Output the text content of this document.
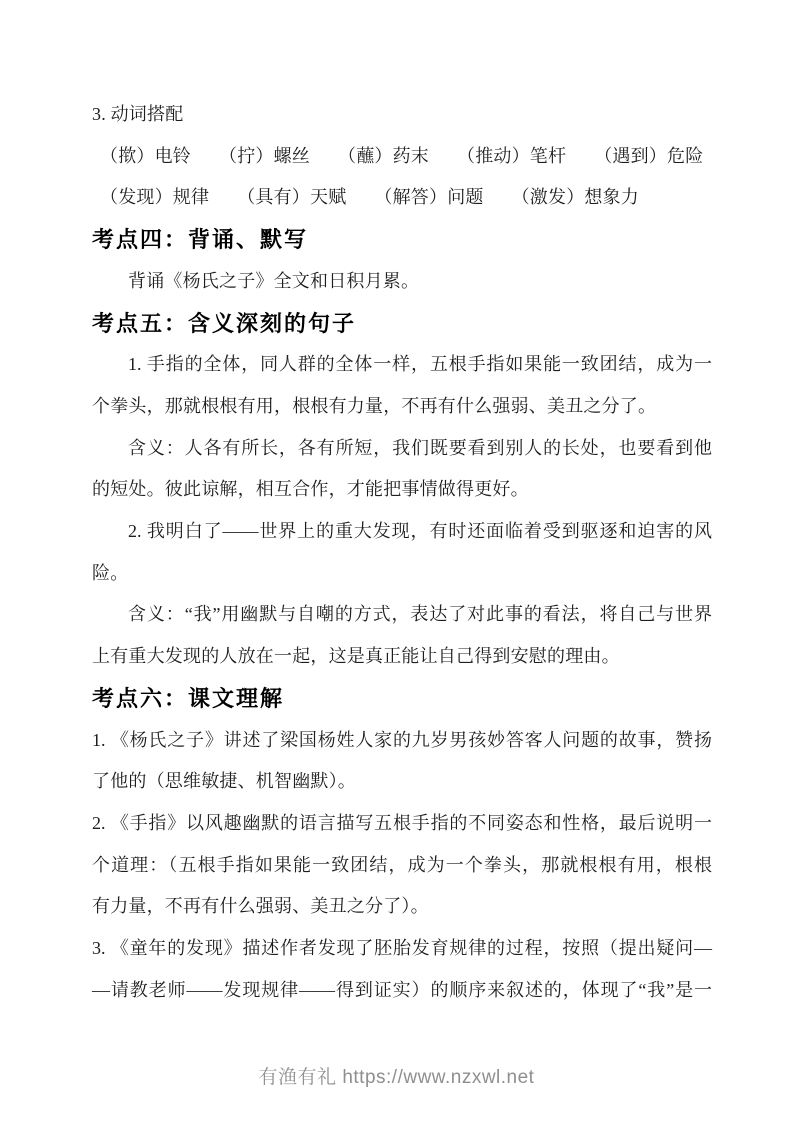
3. 动词搭配
（揿）电铃 （拧）螺丝 （蘸）药末 （推动）笔杆 （遇到）危险
（发现）规律 （具有）天赋 （解答）问题 （激发）想象力
考点四：背诵、默写
背诵《杨氏之子》全文和日积月累。
考点五：含义深刻的句子
1. 手指的全体，同人群的全体一样，五根手指如果能一致团结，成为一
个拳头，那就根根有用，根根有力量，不再有什么强弱、美丑之分了。
含义：人各有所长，各有所短，我们既要看到别人的长处，也要看到他
的短处。彼此谅解，相互合作，才能把事情做得更好。
2. 我明白了——世界上的重大发现，有时还面临着受到驱逐和迫害的风
险。
含义：“我”用幽默与自嘲的方式，表达了对此事的看法，将自己与世界
上有重大发现的人放在一起，这是真正能让自己得到安慰的理由。
考点六：课文理解
1. 《杨氏之子》讲述了梁国杨姓人家的九岁男孩妙答客人问题的故事，赞扬
了他的（思维敏捷、机智幽默）。
2. 《手指》以风趣幽默的语言描写五根手指的不同姿态和性格，最后说明一
个道理：（五根手指如果能一致团结，成为一个拳头，那就根根有用，根根
有力量，不再有什么强弱、美丑之分了）。
3. 《童年的发现》描述作者发现了胚胎发育规律的过程，按照（提出疑问—
—请教老师——发现规律——得到证实）的顺序来叙述的，体现了“我”是一
有渔有礼 https://www.nzxwl.net
